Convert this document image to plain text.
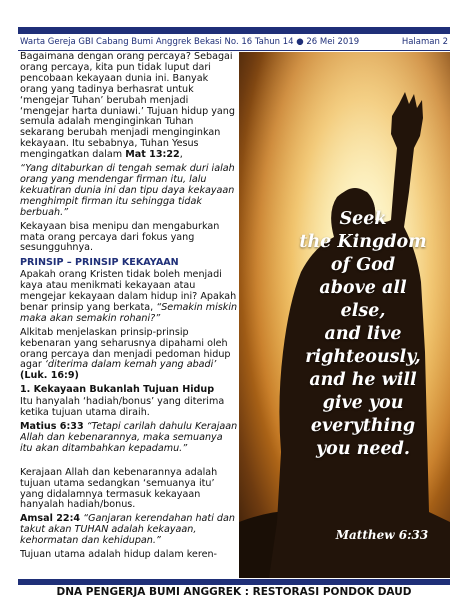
Warta Gereja GBI Cabang Bumi Anggrek Bekasi No. 16 Tahun 14 ● 26 Mei 2019	Halaman 2

Bagaimana dengan orang percaya? Sebagai orang percaya, kita pun tidak luput dari pencobaan kekayaan dunia ini. Banyak orang yang tadinya berhasrat untuk ‘mengejar Tuhan’ berubah menjadi ‘mengejar harta duniawi.’ Tujuan hidup yang semula adalah menginginkan Tuhan sekarang berubah menjadi menginginkan kekayaan. Itu sebabnya, Tuhan Yesus mengingatkan dalam Mat 13:22,

“Yang ditaburkan di tengah semak duri ialah orang yang mendengar firman itu, lalu kekuatiran dunia ini dan tipu daya kekayaan menghimpit firman itu sehingga tidak berbuah.”

Kekayaan bisa menipu dan mengaburkan mata orang percaya dari fokus yang sesungguhnya.

PRINSIP – PRINSIP KEKAYAAN

Apakah orang Kristen tidak boleh menjadi kaya atau menikmati kekayaan atau mengejar kekayaan dalam hidup ini? Apakah benar prinsip yang berkata, “Semakin miskin maka akan semakin rohani?”

Alkitab menjelaskan prinsip-prinsip kebenaran yang seharusnya dipahami oleh orang percaya dan menjadi pedoman hidup agar ‘diterima dalam kemah yang abadi’ (Luk. 16:9)

1. Kekayaan Bukanlah Tujuan Hidup

Itu hanyalah ‘hadiah/bonus’ yang diterima ketika tujuan utama diraih.

Matius 6:33 “Tetapi carilah dahulu Kerajaan Allah dan kebenarannya, maka semuanya itu akan ditambahkan kepadamu.”

Kerajaan Allah dan kebenarannya adalah tujuan utama sedangkan ‘semuanya itu’ yang didalamnya termasuk kekayaan hanyalah hadiah/bonus.

Amsal 22:4 “Ganjaran kerendahan hati dan takut akan TUHAN adalah kekayaan, kehormatan dan kehidupan.”

Tujuan utama adalah hidup dalam keren-

Seek
the Kingdom
of God
above all
else,
and live
righteously,
and he will
give you
everything
you need.
Matthew 6:33
DNA PENGERJA BUMI ANGGREK : RESTORASI PONDOK DAUD
